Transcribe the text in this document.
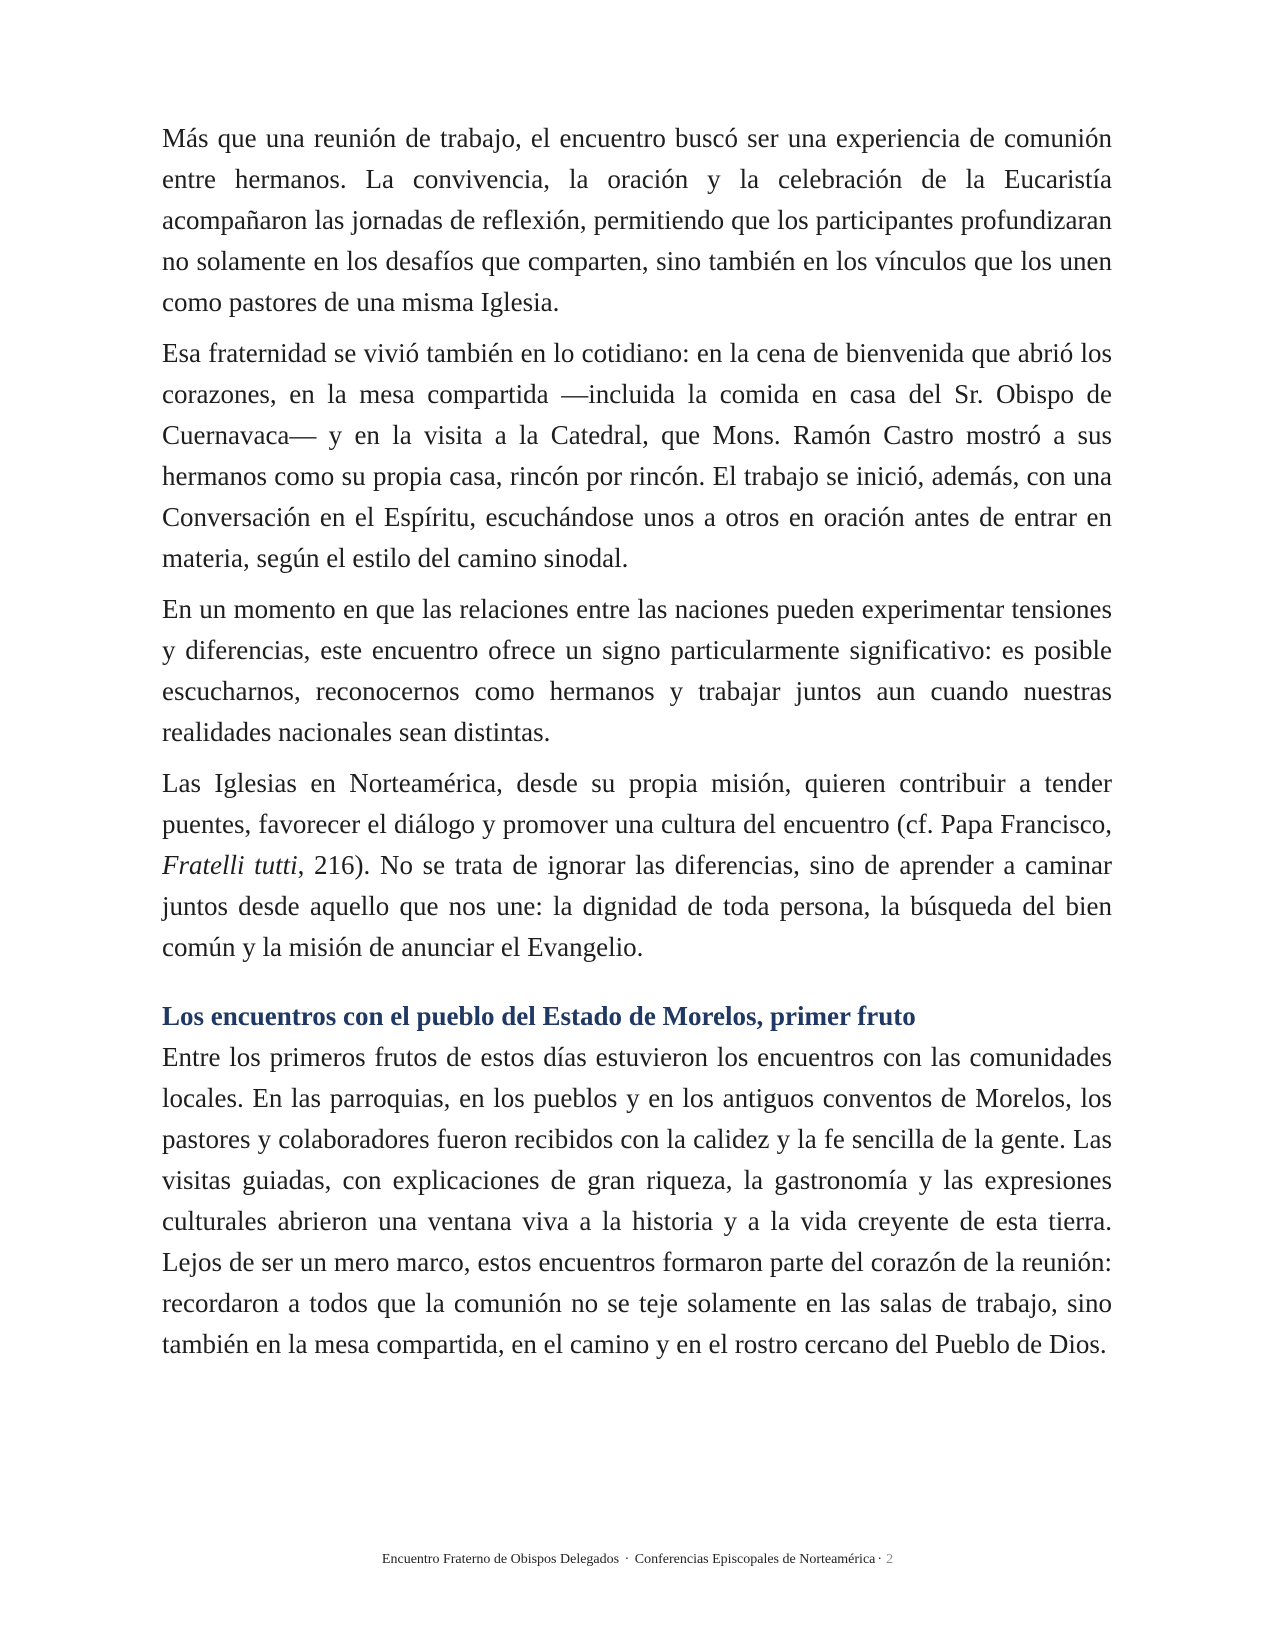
Más que una reunión de trabajo, el encuentro buscó ser una experiencia de comunión entre hermanos. La convivencia, la oración y la celebración de la Eucaristía acompañaron las jornadas de reflexión, permitiendo que los participantes profundizaran no solamente en los desafíos que comparten, sino también en los vínculos que los unen como pastores de una misma Iglesia.

Esa fraternidad se vivió también en lo cotidiano: en la cena de bienvenida que abrió los corazones, en la mesa compartida —incluida la comida en casa del Sr. Obispo de Cuernavaca— y en la visita a la Catedral, que Mons. Ramón Castro mostró a sus hermanos como su propia casa, rincón por rincón. El trabajo se inició, además, con una Conversación en el Espíritu, escuchándose unos a otros en oración antes de entrar en materia, según el estilo del camino sinodal.

En un momento en que las relaciones entre las naciones pueden experimentar tensiones y diferencias, este encuentro ofrece un signo particularmente significativo: es posible escucharnos, reconocernos como hermanos y trabajar juntos aun cuando nuestras realidades nacionales sean distintas.

Las Iglesias en Norteamérica, desde su propia misión, quieren contribuir a tender puentes, favorecer el diálogo y promover una cultura del encuentro (cf. Papa Francisco, Fratelli tutti, 216). No se trata de ignorar las diferencias, sino de aprender a caminar juntos desde aquello que nos une: la dignidad de toda persona, la búsqueda del bien común y la misión de anunciar el Evangelio.

Los encuentros con el pueblo del Estado de Morelos, primer fruto

Entre los primeros frutos de estos días estuvieron los encuentros con las comunidades locales. En las parroquias, en los pueblos y en los antiguos conventos de Morelos, los pastores y colaboradores fueron recibidos con la calidez y la fe sencilla de la gente. Las visitas guiadas, con explicaciones de gran riqueza, la gastronomía y las expresiones culturales abrieron una ventana viva a la historia y a la vida creyente de esta tierra. Lejos de ser un mero marco, estos encuentros formaron parte del corazón de la reunión: recordaron a todos que la comunión no se teje solamente en las salas de trabajo, sino también en la mesa compartida, en el camino y en el rostro cercano del Pueblo de Dios.

Encuentro Fraterno de Obispos Delegados · Conferencias Episcopales de Norteamérica · 2
